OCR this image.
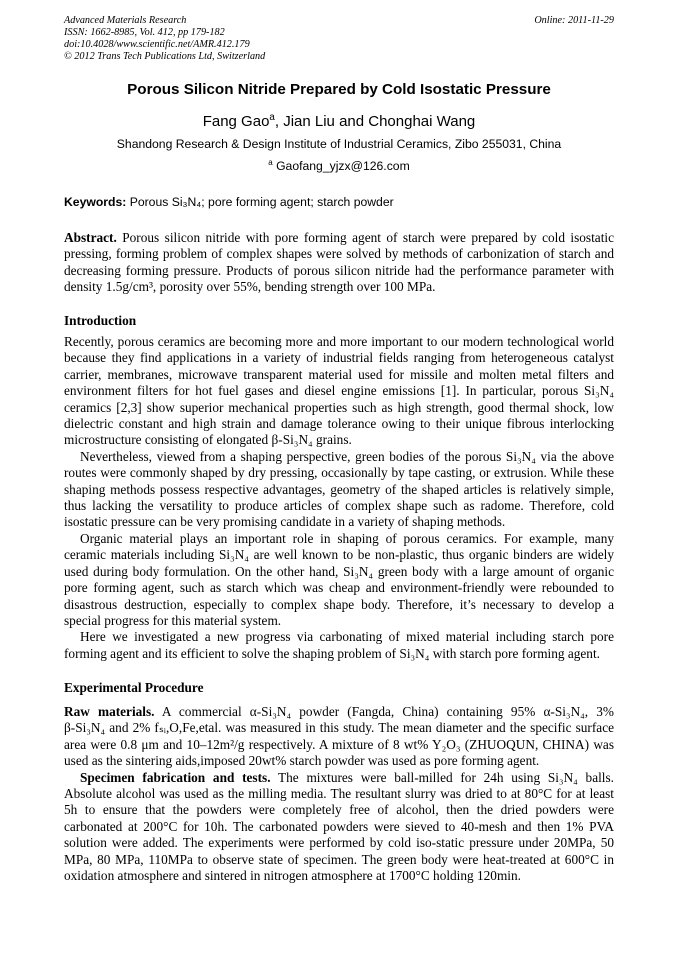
Advanced Materials Research
ISSN: 1662-8985, Vol. 412, pp 179-182
doi:10.4028/www.scientific.net/AMR.412.179
© 2012 Trans Tech Publications Ltd, Switzerland
Online: 2011-11-29
Porous Silicon Nitride Prepared by Cold Isostatic Pressure
Fang Gao$^a$, Jian Liu and Chonghai Wang
Shandong Research & Design Institute of Industrial Ceramics, Zibo 255031, China
$^a$ Gaofang_yjzx@126.com
Keywords: Porous Si₃N₄; pore forming agent; starch powder
Abstract. Porous silicon nitride with pore forming agent of starch were prepared by cold isostatic
pressing, forming problem of complex shapes were solved by methods of carbonization of starch and
decreasing forming pressure. Products of porous silicon nitride had the performance parameter with
density 1.5g/cm³, porosity over 55%, bending strength over 100 MPa.
Introduction
Recently, porous ceramics are becoming more and more important to our modern technological world
because they find applications in a variety of industrial fields ranging from heterogeneous catalyst
carrier, membranes, microwave transparent material used for missile and molten metal filters and
environment filters for hot fuel gases and diesel engine emissions [1]. In particular, porous Si₃N₄
ceramics [2,3] show superior mechanical properties such as high strength, good thermal shock, low
dielectric constant and high strain and damage tolerance owing to their unique fibrous interlocking
microstructure consisting of elongated β-Si₃N₄ grains.
Nevertheless, viewed from a shaping perspective, green bodies of the porous Si₃N₄ via the above
routes were commonly shaped by dry pressing, occasionally by tape casting, or extrusion. While these
shaping methods possess respective advantages, geometry of the shaped articles is relatively simple,
thus lacking the versatility to produce articles of complex shape such as radome. Therefore, cold
isostatic pressure can be very promising candidate in a variety of shaping methods.
Organic material plays an important role in shaping of porous ceramics. For example, many
ceramic materials including Si₃N₄ are well known to be non-plastic, thus organic binders are widely
used during body formulation. On the other hand, Si₃N₄ green body with a large amount of organic
pore forming agent, such as starch which was cheap and environment-friendly were rebounded to
disastrous destruction, especially to complex shape body. Therefore, it’s necessary to develop a
special progress for this material system.
Here we investigated a new progress via carbonating of mixed material including starch pore
forming agent and its efficient to solve the shaping problem of Si₃N₄ with starch pore forming agent.
Experimental Procedure
Raw materials. A commercial α-Si₃N₄ powder (Fangda, China) containing 95% α-Si₃N₄, 3%
β-Si₃N₄ and 2% fₛᵢ,O,Fe,etal. was measured in this study. The mean diameter and the specific surface
area were 0.8 μm and 10–12m²/g respectively. A mixture of 8 wt% Y₂O₃ (ZHUOQUN, CHINA) was
used as the sintering aids,imposed 20wt% starch powder was used as pore forming agent.
Specimen fabrication and tests. The mixtures were ball-milled for 24h using Si₃N₄ balls.
Absolute alcohol was used as the milling media. The resultant slurry was dried to at 80°C for at least
5h to ensure that the powders were completely free of alcohol, then the dried powders were
carbonated at 200°C for 10h. The carbonated powders were sieved to 40-mesh and then 1% PVA
solution were added. The experiments were performed by cold iso-static pressure under 20MPa, 50
MPa, 80 MPa, 110MPa to observe state of specimen. The green body were heat-treated at 600°C in
oxidation atmosphere and sintered in nitrogen atmosphere at 1700°C holding 120min.
